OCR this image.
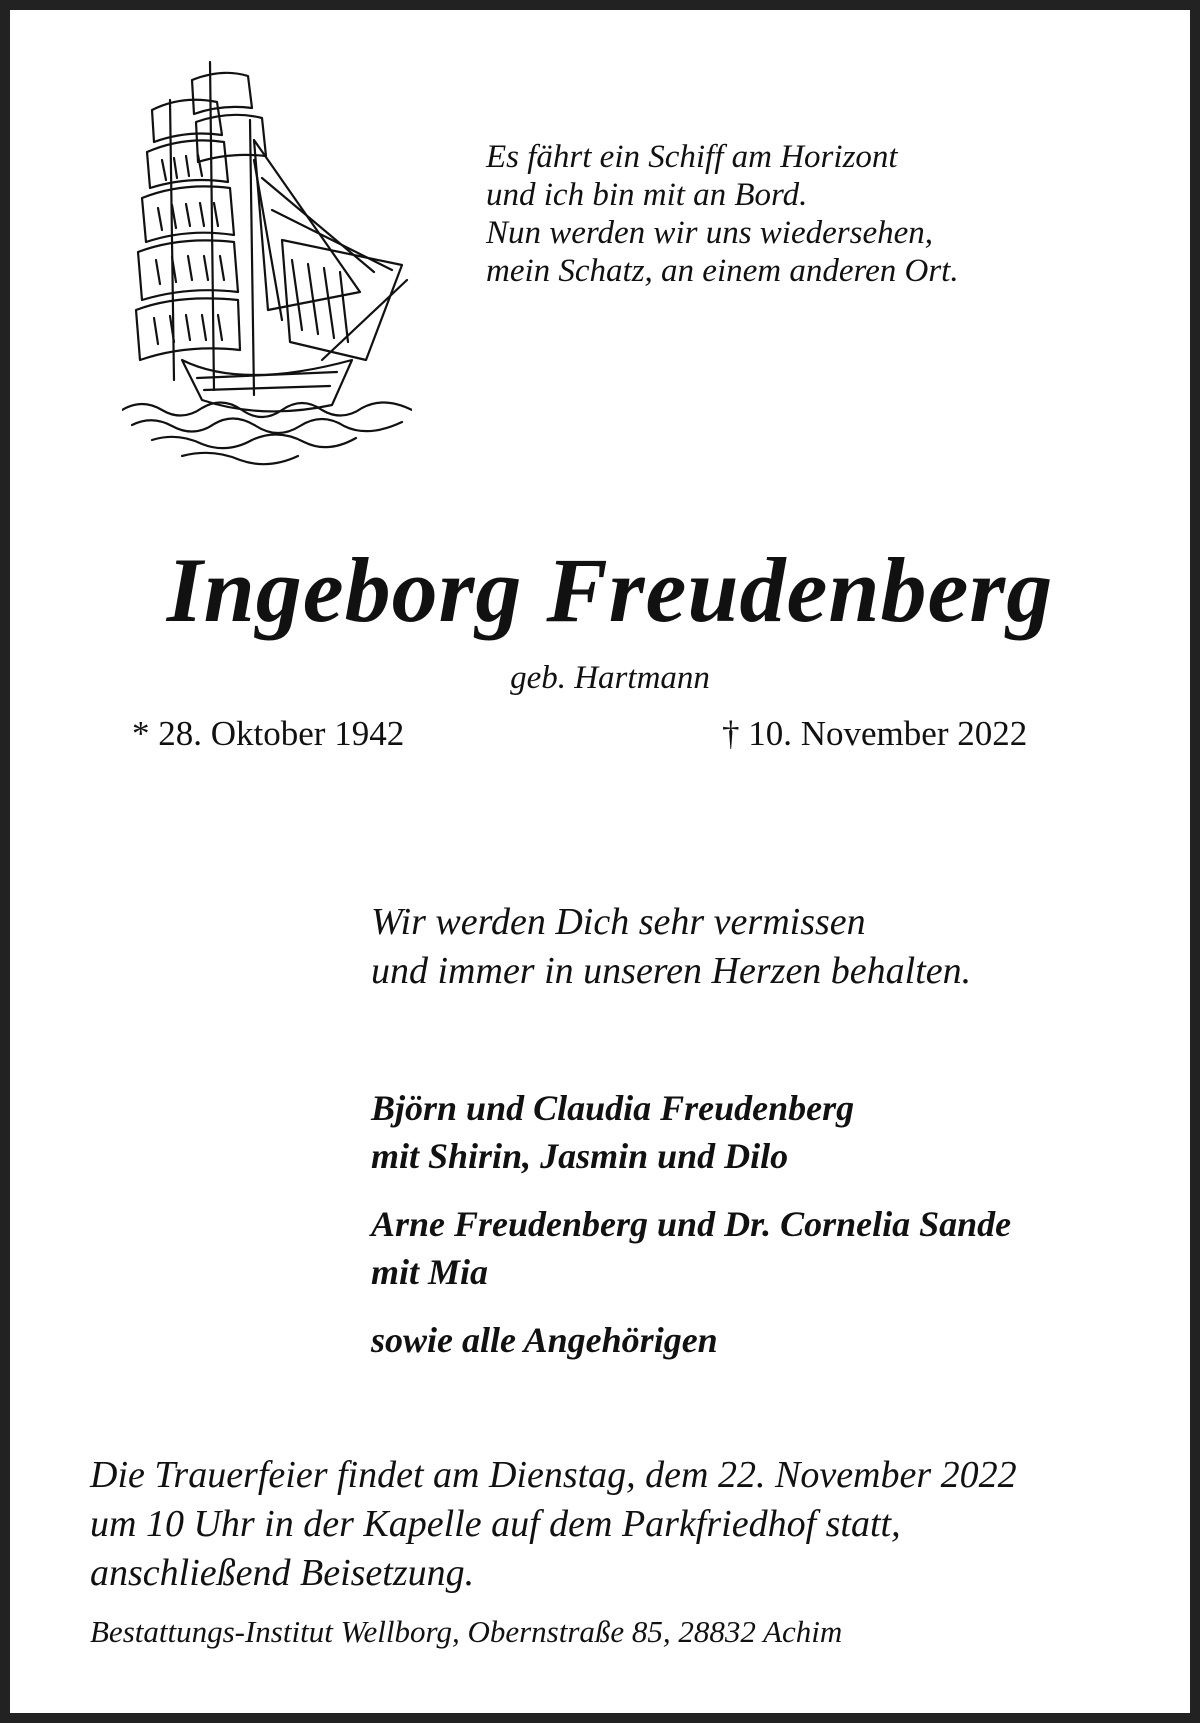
Es fährt ein Schiff am Horizont
und ich bin mit an Bord.
Nun werden wir uns wiedersehen,
mein Schatz, an einem anderen Ort.
Ingeborg Freudenberg
geb. Hartmann
* 28. Oktober 1942	† 10. November 2022
Wir werden Dich sehr vermissen
und immer in unseren Herzen behalten.
Björn und Claudia Freudenberg
mit Shirin, Jasmin und Dilo
Arne Freudenberg und Dr. Cornelia Sande
mit Mia
sowie alle Angehörigen
Die Trauerfeier findet am Dienstag, dem 22. November 2022
um 10 Uhr in der Kapelle auf dem Parkfriedhof statt,
anschließend Beisetzung.
Bestattungs-Institut Wellborg, Obernstraße 85, 28832 Achim
